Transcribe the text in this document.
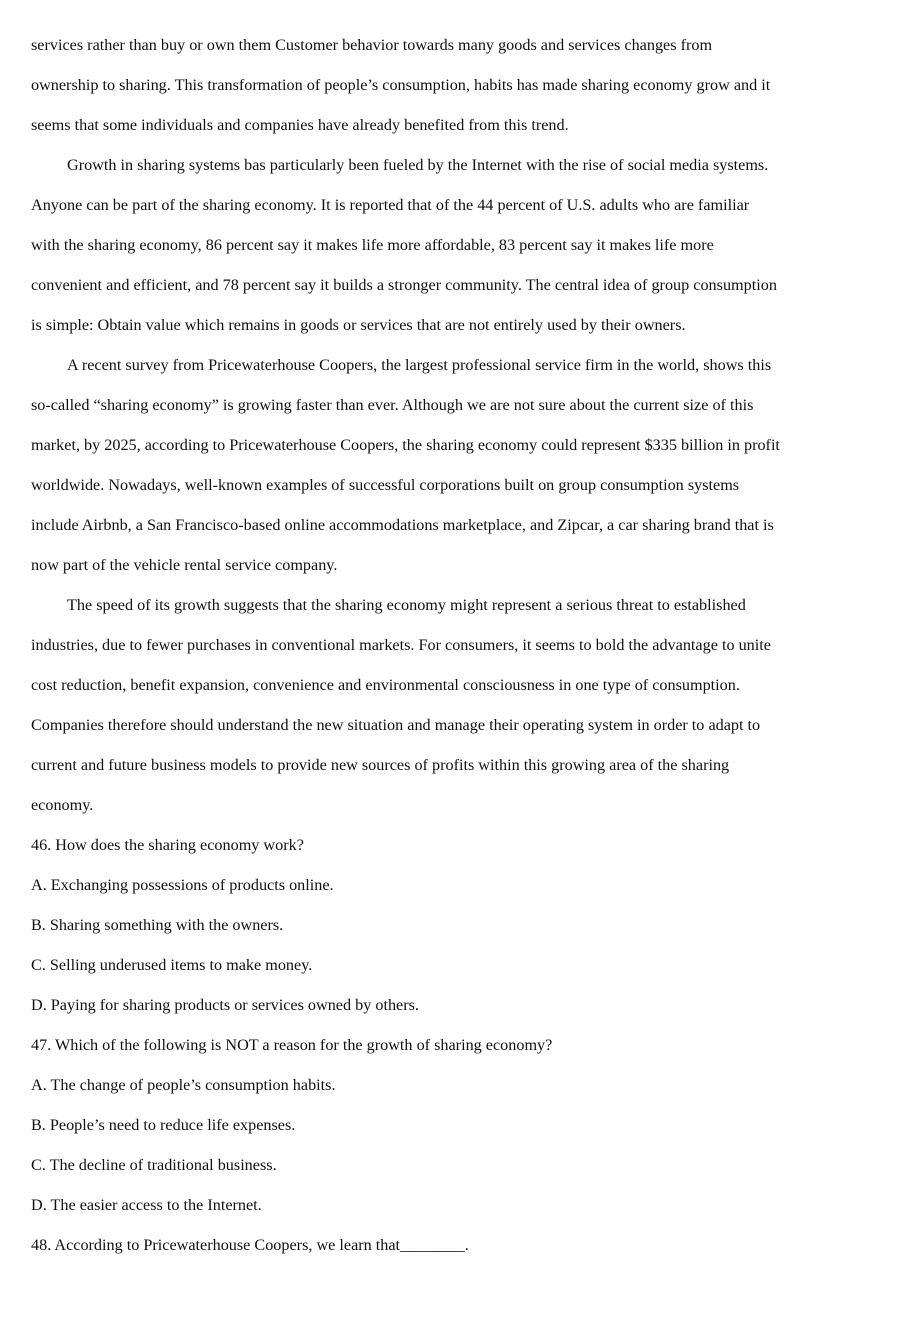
services rather than buy or own them Customer behavior towards many goods and services changes from
ownership to sharing. This transformation of people’s consumption, habits has made sharing economy grow and it
seems that some individuals and companies have already benefited from this trend.
Growth in sharing systems bas particularly been fueled by the Internet with the rise of social media systems.
Anyone can be part of the sharing economy. It is reported that of the 44 percent of U.S. adults who are familiar
with the sharing economy, 86 percent say it makes life more affordable, 83 percent say it makes life more
convenient and efficient, and 78 percent say it builds a stronger community. The central idea of group consumption
is simple: Obtain value which remains in goods or services that are not entirely used by their owners.
A recent survey from Pricewaterhouse Coopers, the largest professional service firm in the world, shows this
so-called “sharing economy” is growing faster than ever. Although we are not sure about the current size of this
market, by 2025, according to Pricewaterhouse Coopers, the sharing economy could represent $335 billion in profit
worldwide. Nowadays, well-known examples of successful corporations built on group consumption systems
include Airbnb, a San Francisco-based online accommodations marketplace, and Zipcar, a car sharing brand that is
now part of the vehicle rental service company.
The speed of its growth suggests that the sharing economy might represent a serious threat to established
industries, due to fewer purchases in conventional markets. For consumers, it seems to bold the advantage to unite
cost reduction, benefit expansion, convenience and environmental consciousness in one type of consumption.
Companies therefore should understand the new situation and manage their operating system in order to adapt to
current and future business models to provide new sources of profits within this growing area of the sharing
economy.
46. How does the sharing economy work?
A. Exchanging possessions of products online.
B. Sharing something with the owners.
C. Selling underused items to make money.
D. Paying for sharing products or services owned by others.
47. Which of the following is NOT a reason for the growth of sharing economy?
A. The change of people’s consumption habits.
B. People’s need to reduce life expenses.
C. The decline of traditional business.
D. The easier access to the Internet.
48. According to Pricewaterhouse Coopers, we learn that________.
